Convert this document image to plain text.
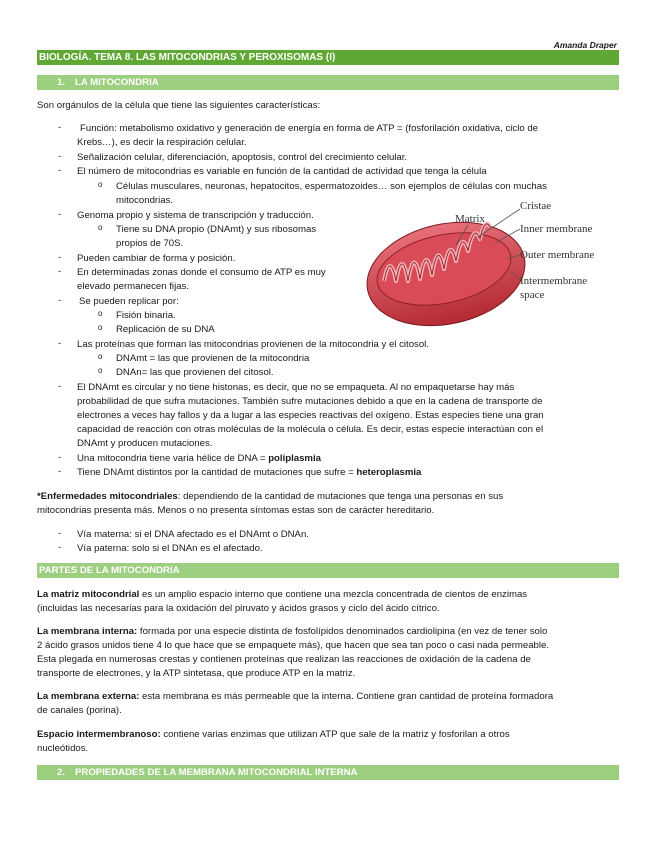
Amanda Draper
BIOLOGÍA. TEMA 8. LAS MITOCONDRIAS Y PEROXISOMAS (I)
1. LA MITOCONDRIA
Son orgánulos de la célula que tiene las siguientes características:
- Función: metabolismo oxidativo y generación de energía en forma de ATP = (fosforilación oxidativa, ciclo de
Krebs…), es decir la respiración celular.
- Señalización celular, diferenciación, apoptosis, control del crecimiento celular.
- El número de mitocondrias es variable en función de la cantidad de actividad que tenga la célula
o Células musculares, neuronas, hepatocitos, espermatozoides… son ejemplos de células con muchas
mitocondrias.
- Genoma propio y sistema de transcripción y traducción.
o Tiene su DNA propio (DNAmt) y sus ribosomas
propios de 70S.
- Pueden cambiar de forma y posición.
- En determinadas zonas donde el consumo de ATP es muy
elevado permanecen fijas.
- Se pueden replicar por:
o Fisión binaria.
o Replicación de su DNA
- Las proteínas que forman las mitocondrias provienen de la mitocondria y el citosol.
o DNAmt = las que provienen de la mitocondria
o DNAn= las que provienen del citosol.
- El DNAmt es circular y no tiene histonas, es decir, que no se empaqueta. Al no empaquetarse hay más
probabilidad de que sufra mutaciones. También sufre mutaciones debido a que en la cadena de transporte de
electrones a veces hay fallos y da a lugar a las especies reactivas del oxígeno. Estas especies tiene una gran
capacidad de reacción con otras moléculas de la molécula o célula. Es decir, estas especie interactúan con el
DNAmt y producen mutaciones.
- Una mitocondria tiene varia hélice de DNA = poliplasmia
- Tiene DNAmt distintos por la cantidad de mutaciones que sufre = heteroplasmia
Matrix
Cristae
Inner membrane
Outer membrane
Intermembrane
space
*Enfermedades mitocondriales: dependiendo de la cantidad de mutaciones que tenga una personas en sus
mitocondrias presenta más. Menos o no presenta síntomas estas son de carácter hereditario.
- Vía materna: si el DNA afectado es el DNAmt o DNAn.
- Vía paterna: solo si el DNAn es el afectado.
PARTES DE LA MITOCONDRIA
La matriz mitocondrial es un amplio espacio interno que contiene una mezcla concentrada de cientos de enzimas
(incluidas las necesarias para la oxidación del piruvato y ácidos grasos y ciclo del ácido cítrico.
La membrana interna: formada por una especie distinta de fosfolípidos denominados cardiolipina (en vez de tener solo
2 ácido grasos unidos tiene 4 lo que hace que se empaquete más), que hacen que sea tan poco o casi nada permeable.
Esta plegada en numerosas crestas y contienen proteínas que realizan las reacciones de oxidación de la cadena de
transporte de electrones, y la ATP sintetasa, que produce ATP en la matriz.
La membrana externa: esta membrana es más permeable que la interna. Contiene gran cantidad de proteína formadora
de canales (porina).
Espacio intermembranoso: contiene varias enzimas que utilizan ATP que sale de la matriz y fosforilan a otros
nucleótidos.
2. PROPIEDADES DE LA MEMBRANA MITOCONDRIAL INTERNA
